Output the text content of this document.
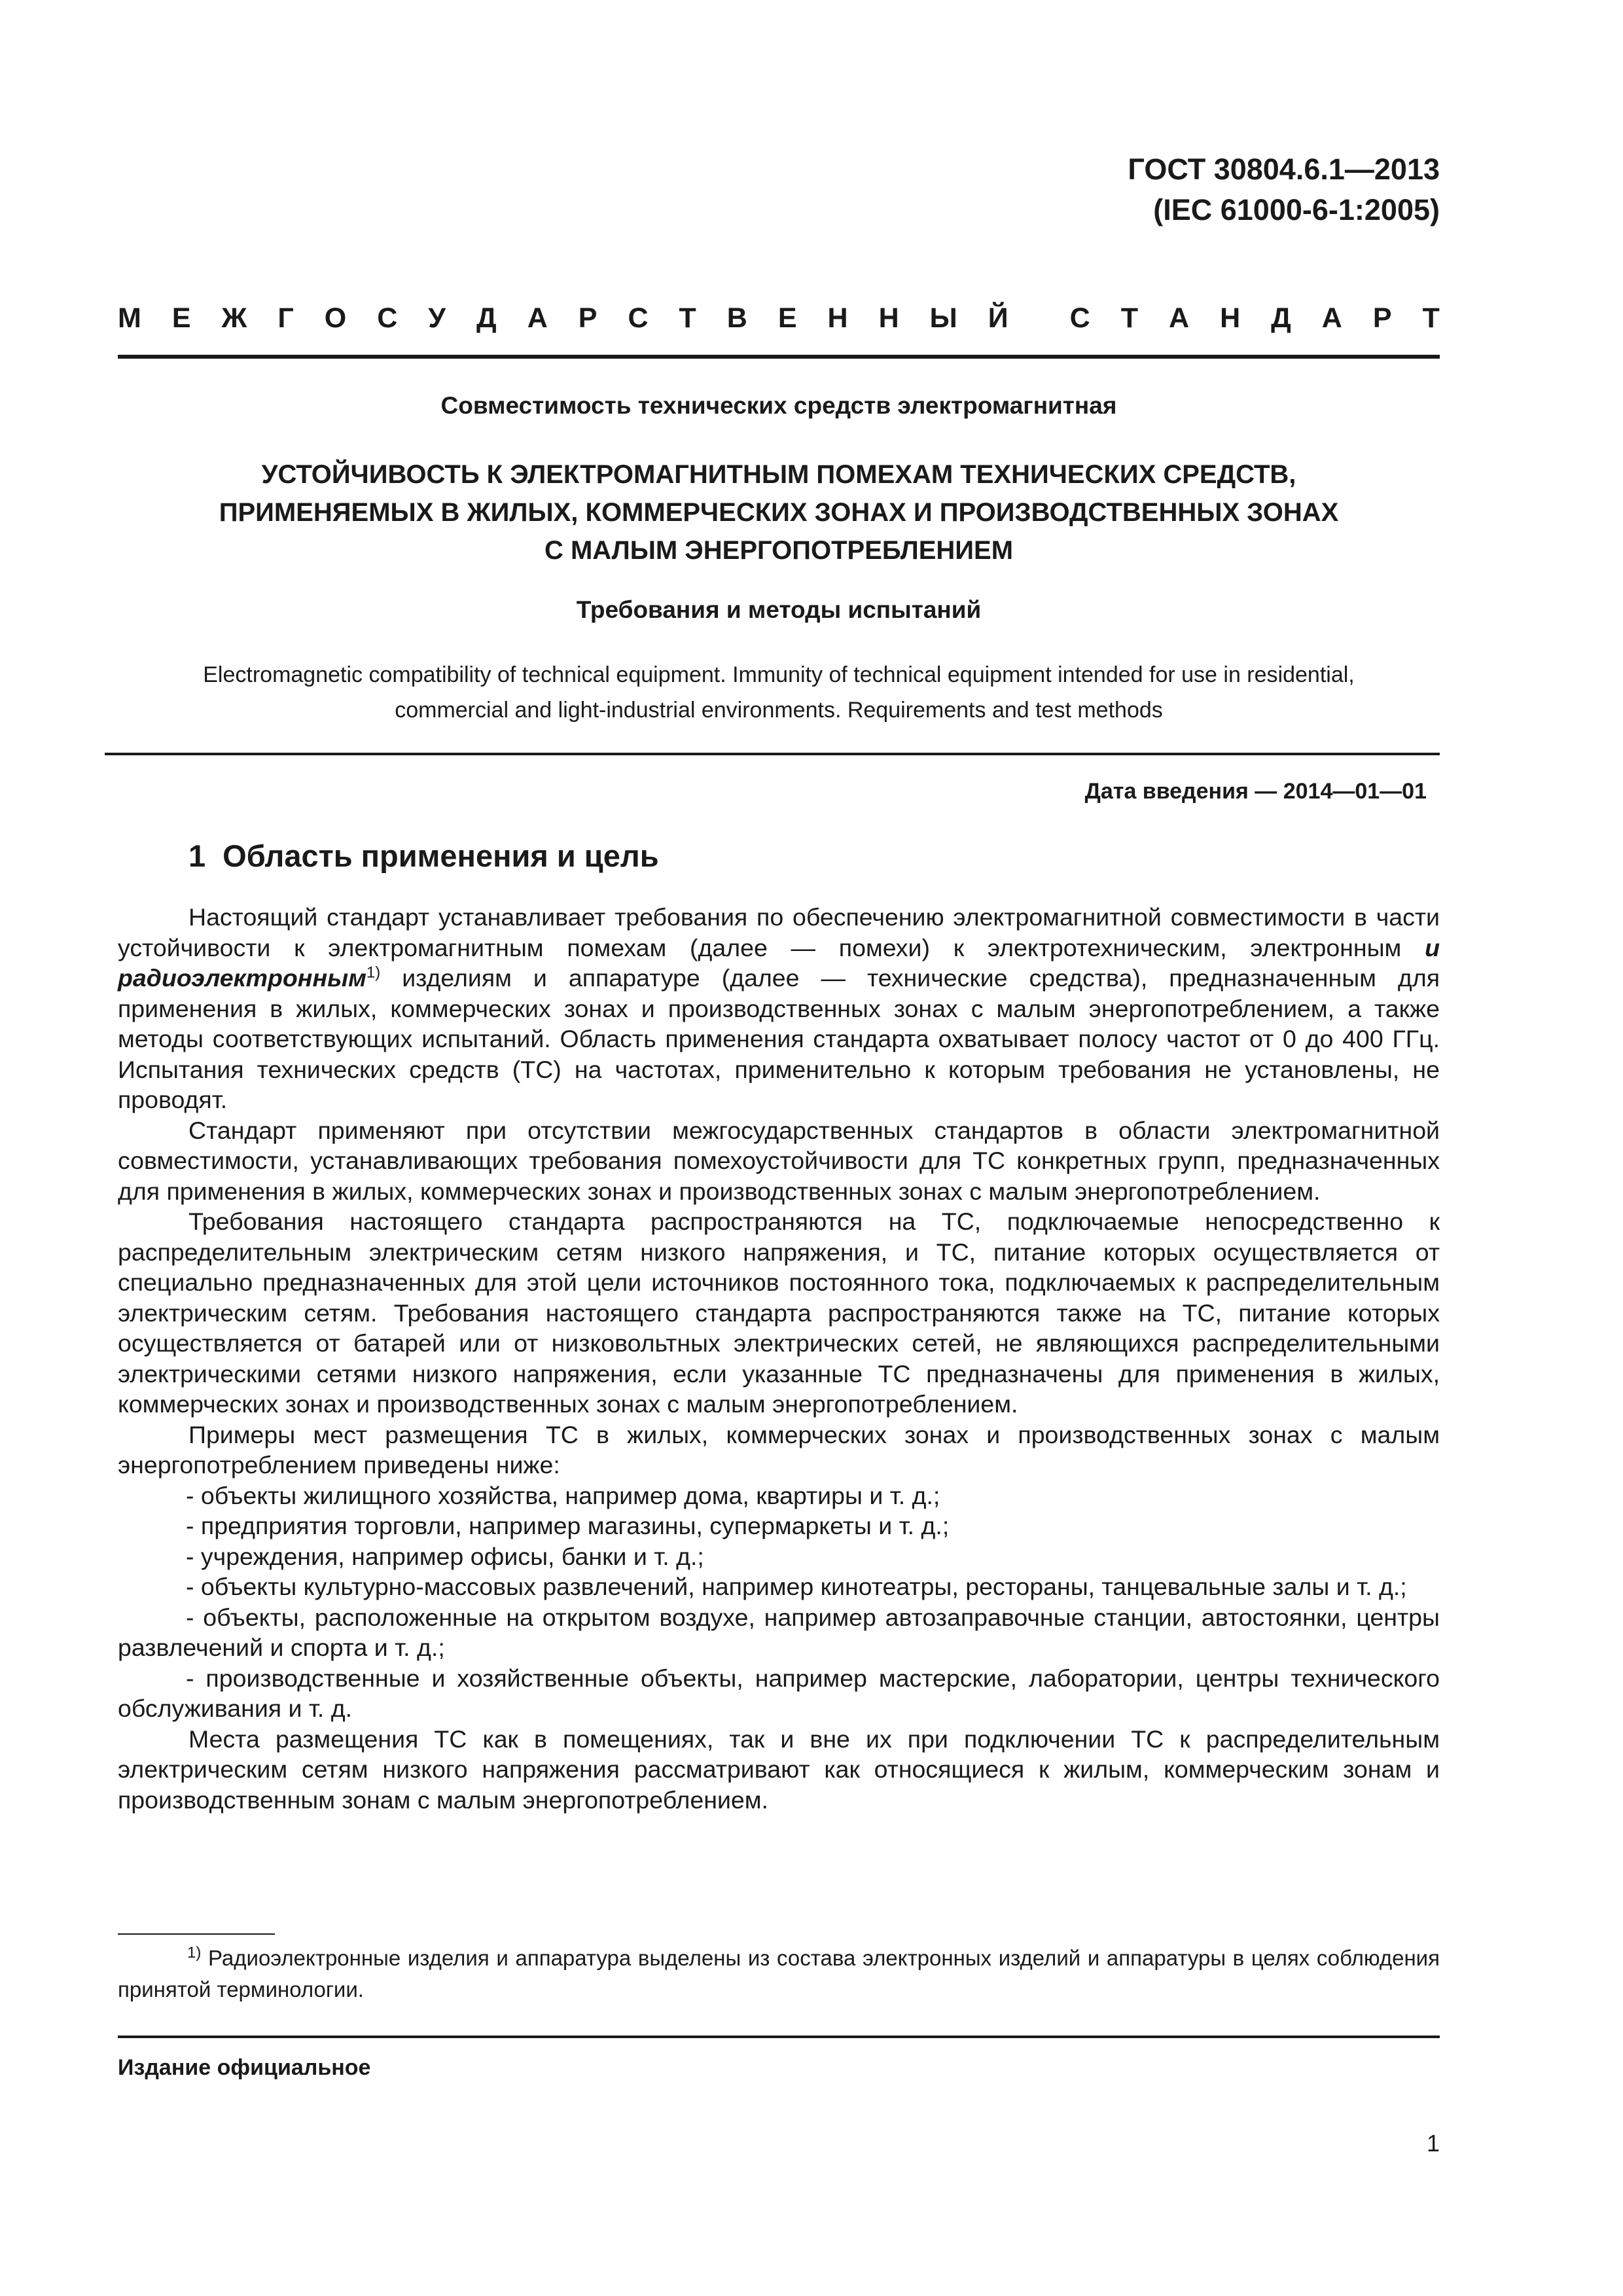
ГОСТ 30804.6.1—2013
(IEC 61000-6-1:2005)
М Е Ж Г О С У Д А Р С Т В Е Н Н Ы Й С Т А Н Д А Р Т
Совместимость технических средств электромагнитная
УСТОЙЧИВОСТЬ К ЭЛЕКТРОМАГНИТНЫМ ПОМЕХАМ ТЕХНИЧЕСКИХ СРЕДСТВ,
ПРИМЕНЯЕМЫХ В ЖИЛЫХ, КОММЕРЧЕСКИХ ЗОНАХ И ПРОИЗВОДСТВЕННЫХ ЗОНАХ
С МАЛЫМ ЭНЕРГОПОТРЕБЛЕНИЕМ
Требования и методы испытаний
Electromagnetic compatibility of technical equipment. Immunity of technical equipment intended for use in residential,
commercial and light-industrial environments. Requirements and test methods
Дата введения — 2014—01—01
1 Область применения и цель

Настоящий стандарт устанавливает требования по обеспечению электромагнитной совместимости в части устойчивости к электромагнитным помехам (далее — помехи) к электротехническим, электронным и радиоэлектронным$^{1)}$ изделиям и аппаратуре (далее — технические средства), предназначенным для применения в жилых, коммерческих зонах и производственных зонах с малым энергопотреблением, а также методы соответствующих испытаний. Область применения стандарта охватывает полосу частот от 0 до 400 ГГц. Испытания технических средств (ТС) на частотах, применительно к которым требования не установлены, не проводят.

Стандарт применяют при отсутствии межгосударственных стандартов в области электромагнитной совместимости, устанавливающих требования помехоустойчивости для ТС конкретных групп, предназначенных для применения в жилых, коммерческих зонах и производственных зонах с малым энергопотреблением.

Требования настоящего стандарта распространяются на ТС, подключаемые непосредственно к распределительным электрическим сетям низкого напряжения, и ТС, питание которых осуществляется от специально предназначенных для этой цели источников постоянного тока, подключаемых к распределительным электрическим сетям. Требования настоящего стандарта распространяются также на ТС, питание которых осуществляется от батарей или от низковольтных электрических сетей, не являющихся распределительными электрическими сетями низкого напряжения, если указанные ТС предназначены для применения в жилых, коммерческих зонах и производственных зонах с малым энергопотреблением.

Примеры мест размещения ТС в жилых, коммерческих зонах и производственных зонах с малым энергопотреблением приведены ниже:

- объекты жилищного хозяйства, например дома, квартиры и т. д.;

- предприятия торговли, например магазины, супермаркеты и т. д.;

- учреждения, например офисы, банки и т. д.;

- объекты культурно-массовых развлечений, например кинотеатры, рестораны, танцевальные залы и т. д.;

- объекты, расположенные на открытом воздухе, например автозаправочные станции, автостоянки, центры развлечений и спорта и т. д.;

- производственные и хозяйственные объекты, например мастерские, лаборатории, центры технического обслуживания и т. д.

Места размещения ТС как в помещениях, так и вне их при подключении ТС к распределительным электрическим сетям низкого напряжения рассматривают как относящиеся к жилым, коммерческим зонам и производственным зонам с малым энергопотреблением.

$^{1)}$ Радиоэлектронные изделия и аппаратура выделены из состава электронных изделий и аппаратуры в целях соблюдения принятой терминологии.

Издание официальное
1
